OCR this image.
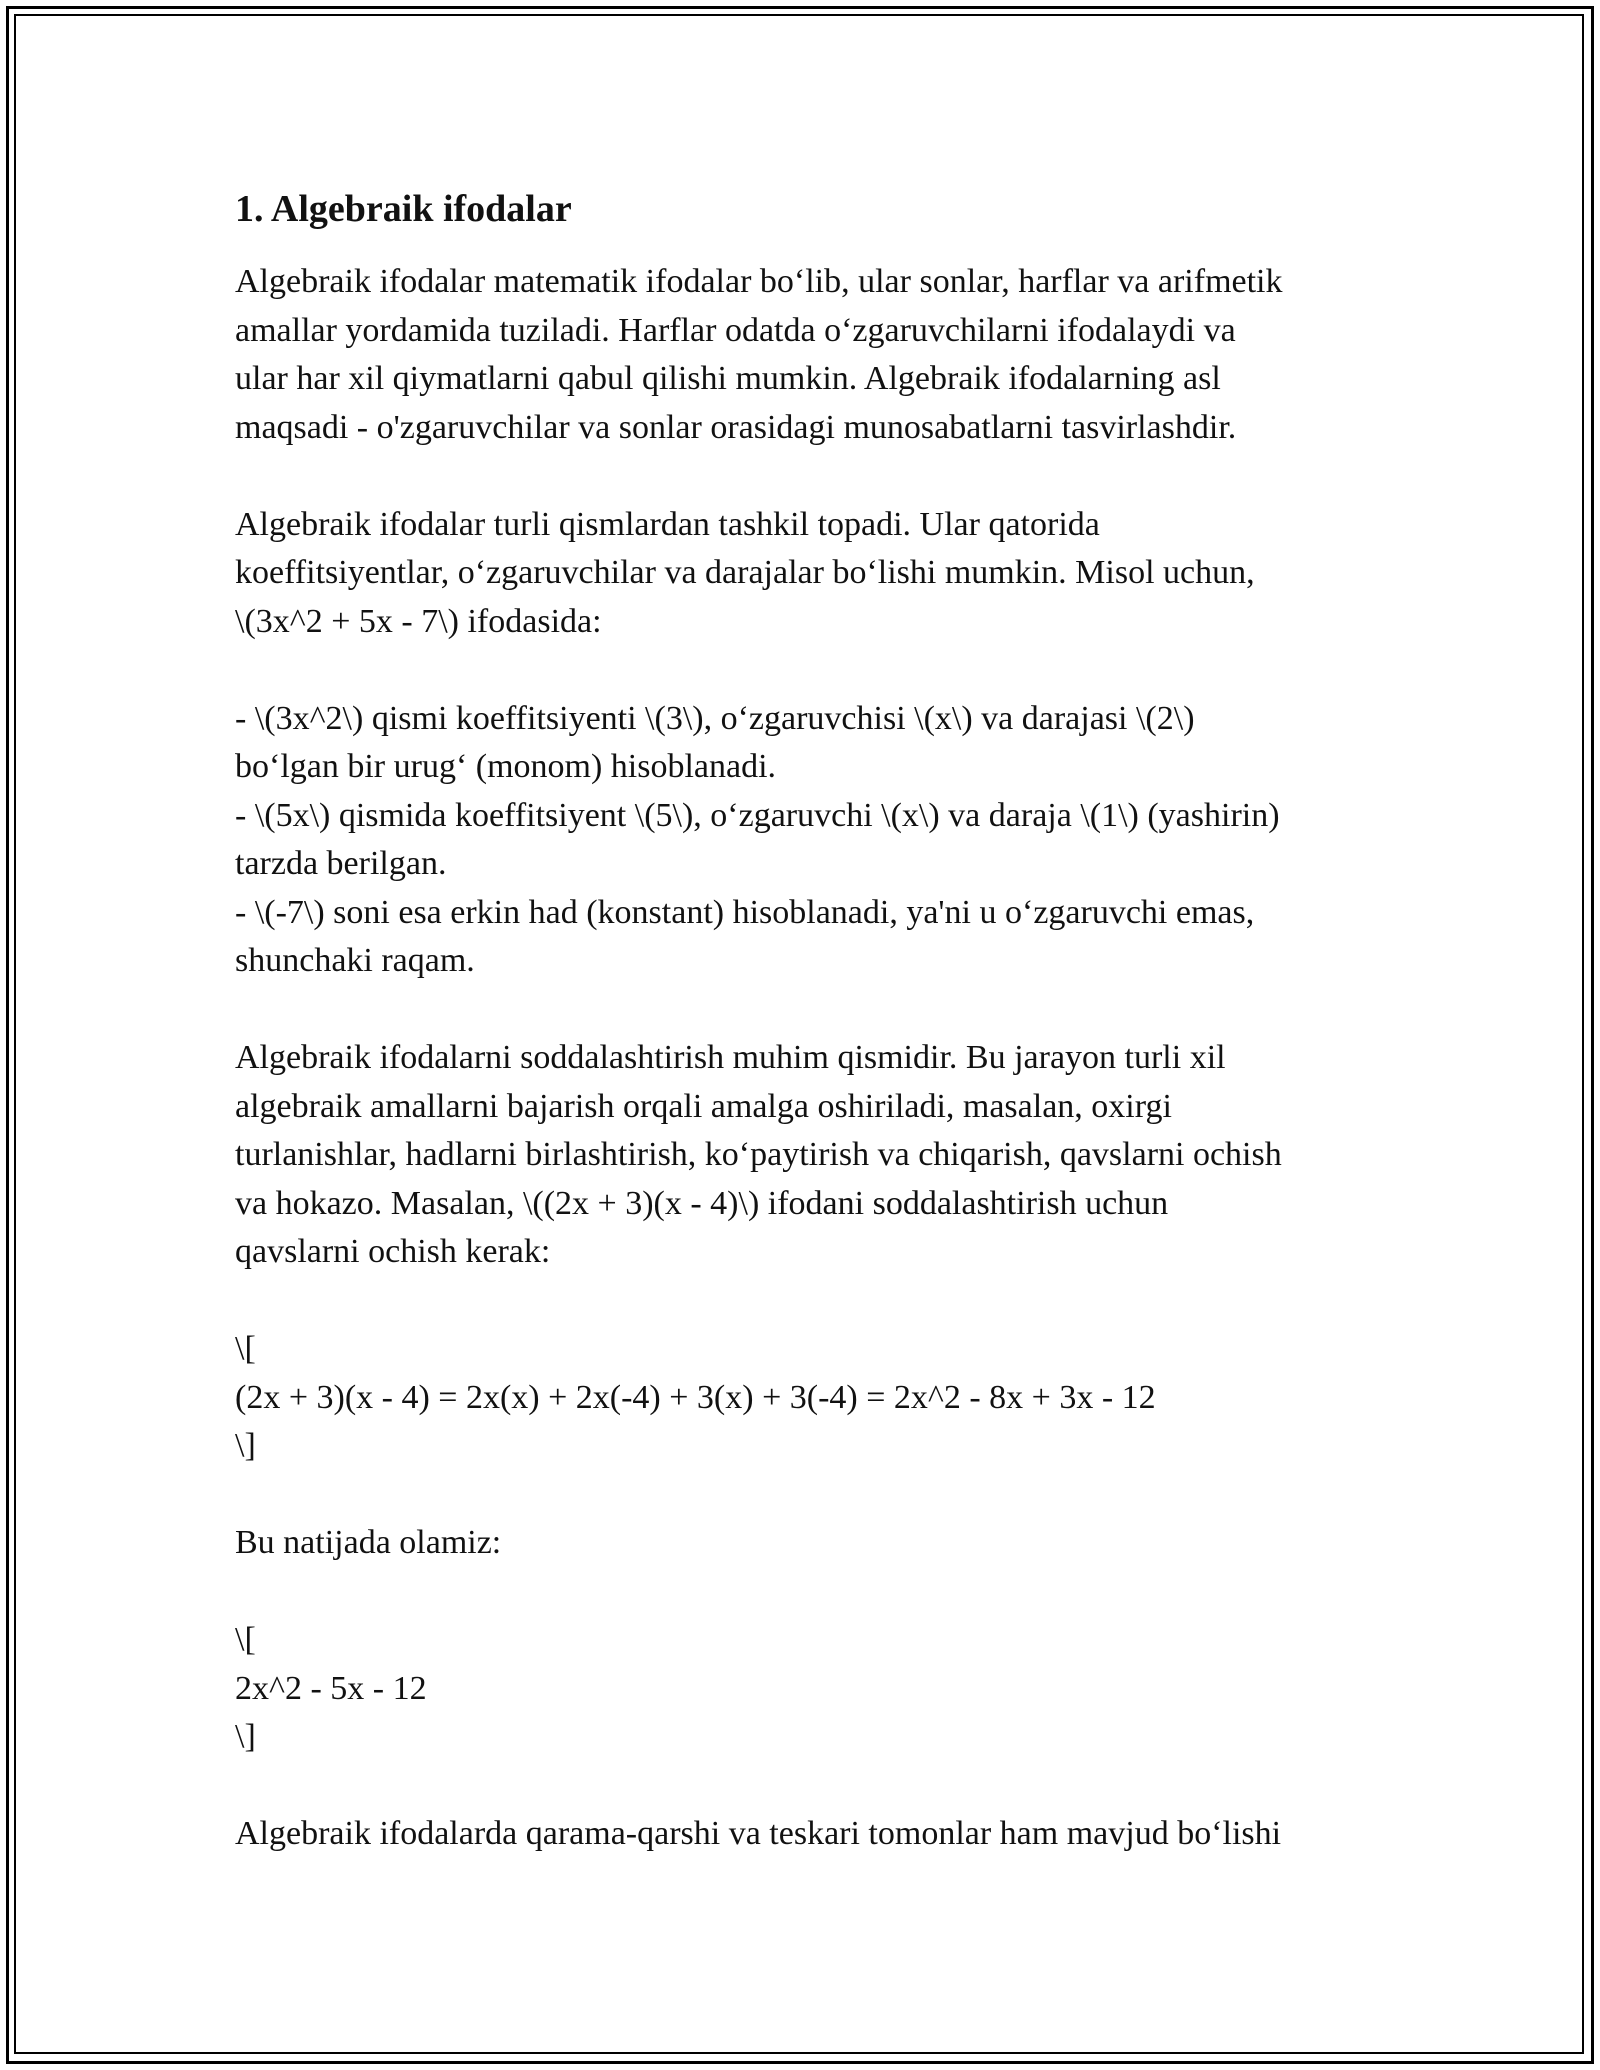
1. Algebraik ifodalar

Algebraik ifodalar matematik ifodalar bo‘lib, ular sonlar, harflar va arifmetik

amallar yordamida tuziladi. Harflar odatda o‘zgaruvchilarni ifodalaydi va

ular har xil qiymatlarni qabul qilishi mumkin. Algebraik ifodalarning asl

maqsadi - o'zgaruvchilar va sonlar orasidagi munosabatlarni tasvirlashdir.

Algebraik ifodalar turli qismlardan tashkil topadi. Ular qatorida

koeffitsiyentlar, o‘zgaruvchilar va darajalar bo‘lishi mumkin. Misol uchun,

\(3x^2 + 5x - 7\) ifodasida:

- \(3x^2\) qismi koeffitsiyenti \(3\), o‘zgaruvchisi \(x\) va darajasi \(2\)

bo‘lgan bir urug‘ (monom) hisoblanadi.

- \(5x\) qismida koeffitsiyent \(5\), o‘zgaruvchi \(x\) va daraja \(1\) (yashirin)

tarzda berilgan.

- \(-7\) soni esa erkin had (konstant) hisoblanadi, ya'ni u o‘zgaruvchi emas,

shunchaki raqam.

Algebraik ifodalarni soddalashtirish muhim qismidir. Bu jarayon turli xil

algebraik amallarni bajarish orqali amalga oshiriladi, masalan, oxirgi

turlanishlar, hadlarni birlashtirish, ko‘paytirish va chiqarish, qavslarni ochish

va hokazo. Masalan, \((2x + 3)(x - 4)\) ifodani soddalashtirish uchun

qavslarni ochish kerak:

\[

(2x + 3)(x - 4) = 2x(x) + 2x(-4) + 3(x) + 3(-4) = 2x^2 - 8x + 3x - 12

\]

Bu natijada olamiz:

\[

2x^2 - 5x - 12

\]

Algebraik ifodalarda qarama-qarshi va teskari tomonlar ham mavjud bo‘lishi
